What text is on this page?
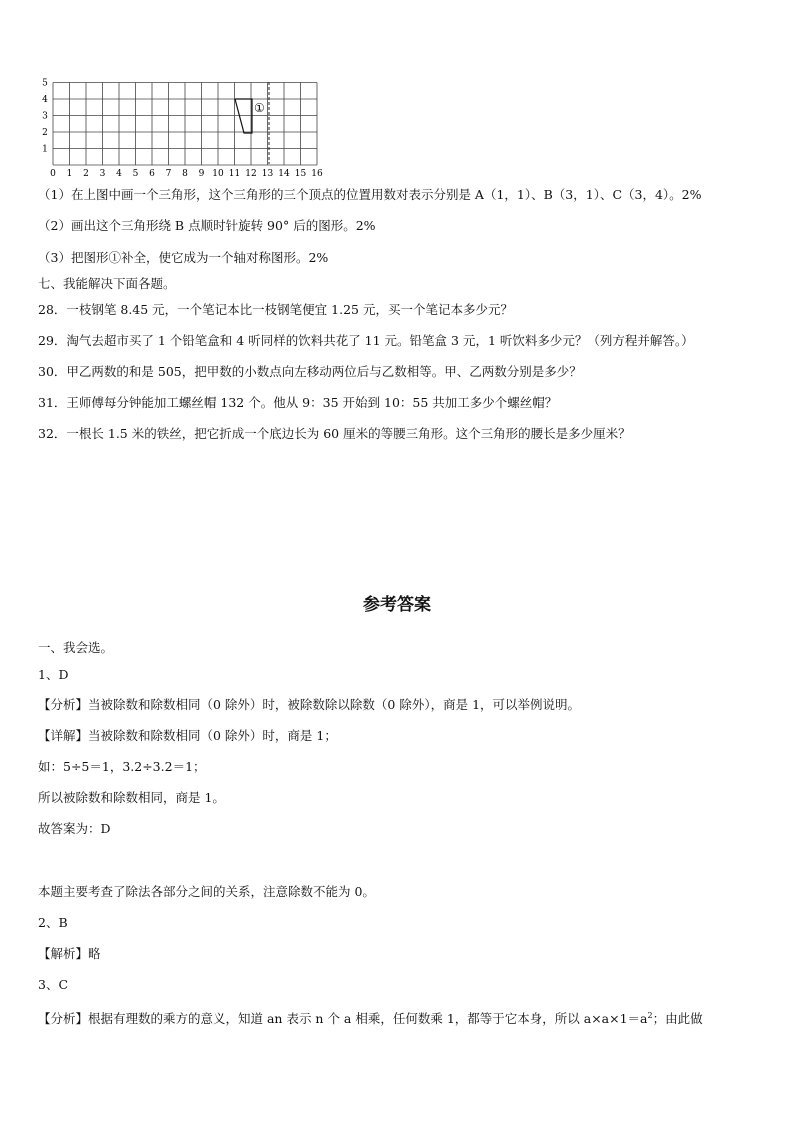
0 1 2 3 4 5 6 7 8 9 10 11 12 13 14 15 16
1
2
3
4
5
①
（1）在上图中画一个三角形，这个三角形的三个顶点的位置用数对表示分别是 A（1，1）、B（3，1）、C（3，4）。2%
（2）画出这个三角形绕 B 点顺时针旋转 90° 后的图形。2%
（3）把图形①补全，使它成为一个轴对称图形。2%
七、我能解决下面各题。
28．一枝钢笔 8.45 元，一个笔记本比一枝钢笔便宜 1.25 元，买一个笔记本多少元？
29．淘气去超市买了 1 个铅笔盒和 4 听同样的饮料共花了 11 元。铅笔盒 3 元，1 听饮料多少元？（列方程并解答。）
30．甲乙两数的和是 505，把甲数的小数点向左移动两位后与乙数相等。甲、乙两数分别是多少？
31．王师傅每分钟能加工螺丝帽 132 个。他从 9：35 开始到 10：55 共加工多少个螺丝帽？
32．一根长 1.5 米的铁丝，把它折成一个底边长为 60 厘米的等腰三角形。这个三角形的腰长是多少厘米？
参考答案
一、我会选。
1、D
【分析】当被除数和除数相同（0 除外）时，被除数除以除数（0 除外），商是 1，可以举例说明。
【详解】当被除数和除数相同（0 除外）时，商是 1；
如：5÷5＝1，3.2÷3.2＝1；
所以被除数和除数相同，商是 1。
故答案为：D
本题主要考查了除法各部分之间的关系，注意除数不能为 0。
2、B
【解析】略
3、C
【分析】根据有理数的乘方的意义，知道 an 表示 n 个 a 相乘，任何数乘 1，都等于它本身，所以 $a\times a\times 1=a^2$；由此做
